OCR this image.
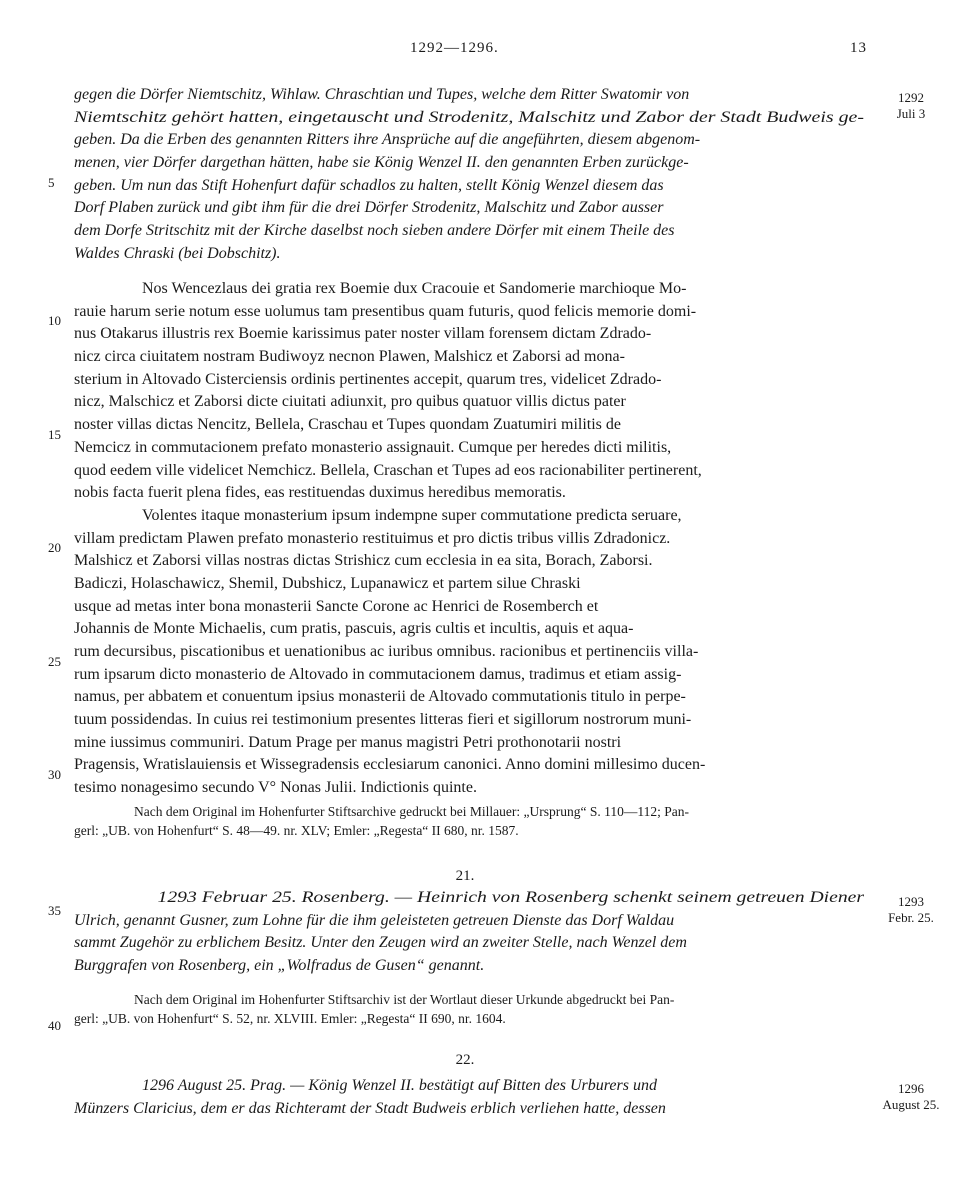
1292—1296.	13
gegen die Dörfer Niemtschitz, Wihlaw. Chraschtian und Tupes, welche dem Ritter Swatomir von
Niemtschitz gehört hatten, eingetauscht und Strodenitz, Malschitz und Zabor der Stadt Budweis ge-
geben. Da die Erben des genannten Ritters ihre Ansprüche auf die angeführten, diesem abgenom-
menen, vier Dörfer dargethan hätten, habe sie König Wenzel II. den genannten Erben zurückge-
geben. Um nun das Stift Hohenfurt dafür schadlos zu halten, stellt König Wenzel diesem das
Dorf Plaben zurück und gibt ihm für die drei Dörfer Strodenitz, Malschitz und Zabor ausser
dem Dorfe Stritschitz mit der Kirche daselbst noch sieben andere Dörfer mit einem Theile des
Waldes Chraski (bei Dobschitz).
1292
Juli 3
Nos Wencezlaus dei gratia rex Boemie dux Cracouie et Sandomerie marchioque Mo-
rauie harum serie notum esse uolumus tam presentibus quam futuris, quod felicis memorie domi-
nus Otakarus illustris rex Boemie karissimus pater noster villam forensem dictam Zdrado-
nicz circa ciuitatem nostram Budiwoyz necnon Plawen, Malshicz et Zaborsi ad mona-
sterium in Altovado Cisterciensis ordinis pertinentes accepit, quarum tres, videlicet Zdrado-
nicz, Malschicz et Zaborsi dicte ciuitati adiunxit, pro quibus quatuor villis dictus pater
noster villas dictas Nencitz, Bellela, Craschau et Tupes quondam Zuatumiri militis de
Nemcicz in commutacionem prefato monasterio assignauit. Cumque per heredes dicti militis,
quod eedem ville videlicet Nemchicz. Bellela, Craschan et Tupes ad eos racionabiliter pertinerent,
nobis facta fuerit plena fides, eas restituendas duximus heredibus memoratis.
Volentes itaque monasterium ipsum indempne super commutatione predicta seruare,
villam predictam Plawen prefato monasterio restituimus et pro dictis tribus villis Zdradonicz.
Malshicz et Zaborsi villas nostras dictas Strishicz cum ecclesia in ea sita, Borach, Zaborsi.
Badiczi, Holaschawicz, Shemil, Dubshicz, Lupanawicz et partem silue Chraski
usque ad metas inter bona monasterii Sancte Corone ac Henrici de Rosemberch et
Johannis de Monte Michaelis, cum pratis, pascuis, agris cultis et incultis, aquis et aqua-
rum decursibus, piscationibus et uenationibus ac iuribus omnibus. racionibus et pertinenciis villa-
rum ipsarum dicto monasterio de Altovado in commutacionem damus, tradimus et etiam assig-
namus, per abbatem et conuentum ipsius monasterii de Altovado commutationis titulo in perpe-
tuum possidendas. In cuius rei testimonium presentes litteras fieri et sigillorum nostrorum muni-
mine iussimus communiri. Datum Prage per manus magistri Petri prothonotarii nostri
Pragensis, Wratislauiensis et Wissegradensis ecclesiarum canonici. Anno domini millesimo ducen-
tesimo nonagesimo secundo V° Nonas Julii. Indictionis quinte.
Nach dem Original im Hohenfurter Stiftsarchive gedruckt bei Millauer: „Ursprung“ S. 110—112; Pan-
gerl: „UB. von Hohenfurt“ S. 48—49. nr. XLV; Emler: „Regesta“ II 680, nr. 1587.
21.
1293 Februar 25. Rosenberg. — Heinrich von Rosenberg schenkt seinem getreuen Diener
Ulrich, genannt Gusner, zum Lohne für die ihm geleisteten getreuen Dienste das Dorf Waldau
sammt Zugehör zu erblichem Besitz. Unter den Zeugen wird an zweiter Stelle, nach Wenzel dem
Burggrafen von Rosenberg, ein „Wolfradus de Gusen“ genannt.
1293
Febr. 25.
Nach dem Original im Hohenfurter Stiftsarchiv ist der Wortlaut dieser Urkunde abgedruckt bei Pan-
gerl: „UB. von Hohenfurt“ S. 52, nr. XLVIII. Emler: „Regesta“ II 690, nr. 1604.
22.
1296 August 25. Prag. — König Wenzel II. bestätigt auf Bitten des Urburers und
Münzers Claricius, dem er das Richteramt der Stadt Budweis erblich verliehen hatte, dessen
1296
August 25.
5
10
15
20
25
30
35
40
